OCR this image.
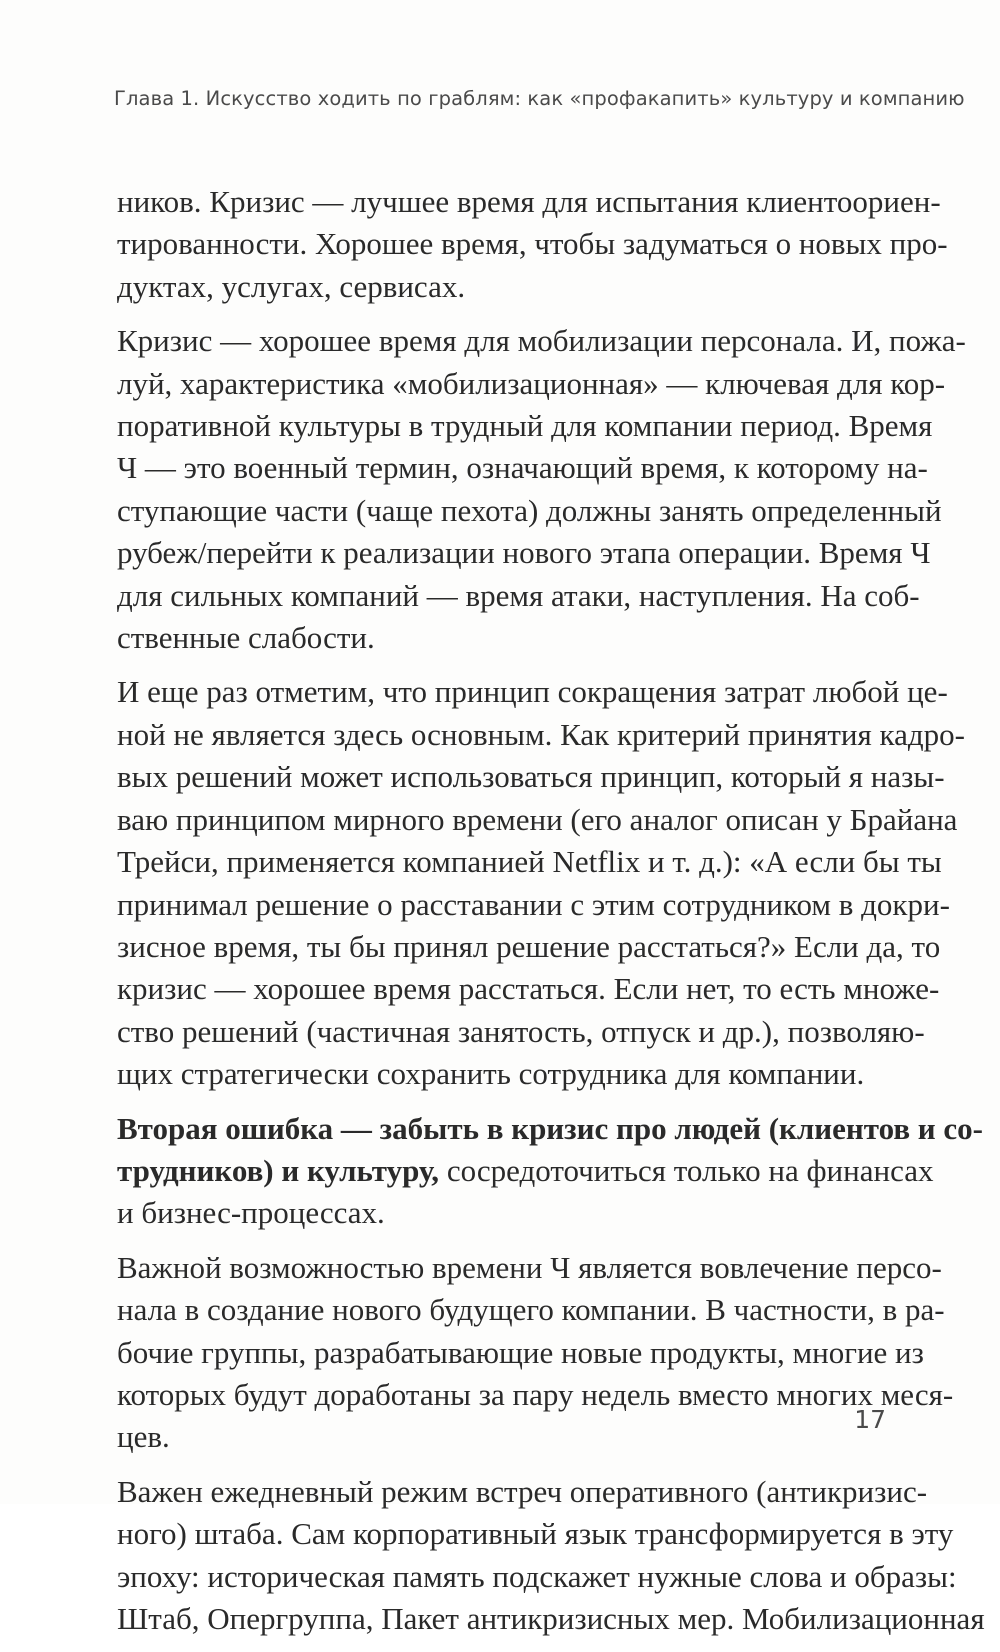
Глава 1. Искусство ходить по граблям: как «профакапить» культуру и компанию

ников. Кризис — лучшее время для испытания клиентоориен-
тированности. Хорошее время, чтобы задуматься о новых про-
дуктах, услугах, сервисах.

Кризис — хорошее время для мобилизации персонала. И, пожа-
луй, характеристика «мобилизационная» — ключевая для кор-
поративной культуры в трудный для компании период. Время
Ч — это военный термин, означающий время, к которому на-
ступающие части (чаще пехота) должны занять определенный
рубеж/перейти к реализации нового этапа операции. Время Ч
для сильных компаний — время атаки, наступления. На соб-
ственные слабости.

И еще раз отметим, что принцип сокращения затрат любой це-
ной не является здесь основным. Как критерий принятия кадро-
вых решений может использоваться принцип, который я назы-
ваю принципом мирного времени (его аналог описан у Брайана
Трейси, применяется компанией Netflix и т. д.): «А если бы ты
принимал решение о расставании с этим сотрудником в докри-
зисное время, ты бы принял решение расстаться?» Если да, то
кризис — хорошее время расстаться. Если нет, то есть множе-
ство решений (частичная занятость, отпуск и др.), позволяю-
щих стратегически сохранить сотрудника для компании.

Вторая ошибка — забыть в кризис про людей (клиентов и со-
трудников) и культуру, сосредоточиться только на финансах
и бизнес-процессах.

Важной возможностью времени Ч является вовлечение персо-
нала в создание нового будущего компании. В частности, в ра-
бочие группы, разрабатывающие новые продукты, многие из
которых будут доработаны за пару недель вместо многих меся-
цев.

Важен ежедневный режим встреч оперативного (антикризис-
ного) штаба. Сам корпоративный язык трансформируется в эту
эпоху: историческая память подскажет нужные слова и образы:
Штаб, Опергруппа, Пакет антикризисных мер. Мобилизационная

17
